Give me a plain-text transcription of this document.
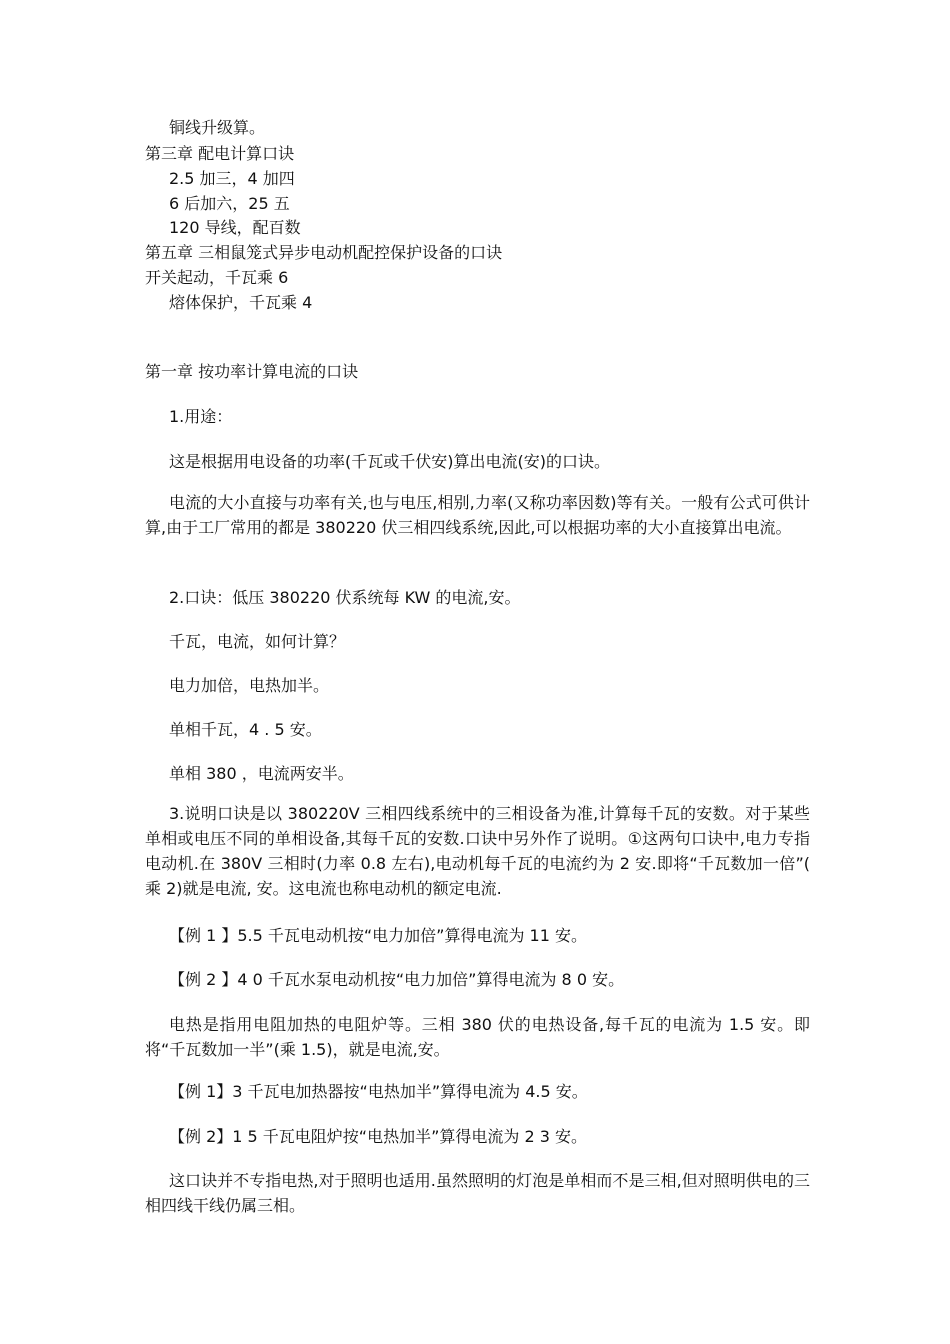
铜线升级算。

第三章 配电计算口诀

2.5 加三，4 加四

6 后加六，25 五

120 导线，配百数

第五章 三相鼠笼式异步电动机配控保护设备的口诀

开关起动，千瓦乘 6

熔体保护，千瓦乘 4

第一章 按功率计算电流的口诀

1.用途：

这是根据用电设备的功率(千瓦或千伏安)算出电流(安)的口诀。

电流的大小直接与功率有关,也与电压,相别,力率(又称功率因数)等有关。一般有公式可供计算,由于工厂常用的都是 380220 伏三相四线系统,因此,可以根据功率的大小直接算出电流。

2.口诀：低压 380220 伏系统每 KW 的电流,安。

千瓦，电流，如何计算？

电力加倍，电热加半。

单相千瓦，4 . 5 安。

单相 380 ，电流两安半。

3.说明口诀是以 380220V 三相四线系统中的三相设备为准,计算每千瓦的安数。对于某些单相或电压不同的单相设备,其每千瓦的安数.口诀中另外作了说明。①这两句口诀中,电力专指电动机.在 380V 三相时(力率 0.8 左右),电动机每千瓦的电流约为 2 安.即将“千瓦数加一倍”( 乘 2)就是电流, 安。这电流也称电动机的额定电流.

【例 1 】5.5 千瓦电动机按“电力加倍”算得电流为 11 安。

【例 2 】4 0 千瓦水泵电动机按“电力加倍”算得电流为 8 0 安。

电热是指用电阻加热的电阻炉等。三相 380 伏的电热设备,每千瓦的电流为 1.5 安。即将“千瓦数加一半”(乘 1.5)，就是电流,安。

【例 1】3 千瓦电加热器按“电热加半”算得电流为 4.5 安。

【例 2】1 5 千瓦电阻炉按“电热加半”算得电流为 2 3 安。

这口诀并不专指电热,对于照明也适用.虽然照明的灯泡是单相而不是三相,但对照明供电的三相四线干线仍属三相。
